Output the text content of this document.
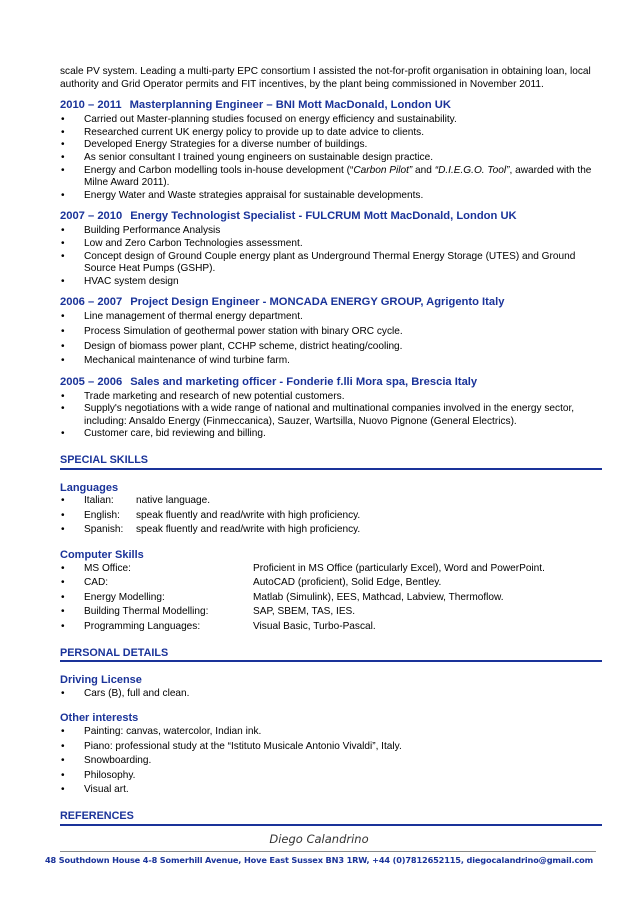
scale PV system. Leading a multi-party EPC consortium I assisted the not-for-profit organisation in obtaining loan, local authority and Grid Operator permits and FIT incentives, by the plant being commissioned in November 2011.

2010 – 2011 Masterplanning Engineer – BNI Mott MacDonald, London UK
• Carried out Master-planning studies focused on energy efficiency and sustainability.
• Researched current UK energy policy to provide up to date advice to clients.
• Developed Energy Strategies for a diverse number of buildings.
• As senior consultant I trained young engineers on sustainable design practice.
• Energy and Carbon modelling tools in-house development (“Carbon Pilot” and “D.I.E.G.O. Tool”, awarded with the Milne Award 2011).
• Energy Water and Waste strategies appraisal for sustainable developments.
2007 – 2010 Energy Technologist Specialist - FULCRUM Mott MacDonald, London UK
• Building Performance Analysis
• Low and Zero Carbon Technologies assessment.
• Concept design of Ground Couple energy plant as Underground Thermal Energy Storage (UTES) and Ground Source Heat Pumps (GSHP).
• HVAC system design
2006 – 2007 Project Design Engineer - MONCADA ENERGY GROUP, Agrigento Italy
• Line management of thermal energy department.
• Process Simulation of geothermal power station with binary ORC cycle.
• Design of biomass power plant, CCHP scheme, district heating/cooling.
• Mechanical maintenance of wind turbine farm.
2005 – 2006 Sales and marketing officer - Fonderie f.lli Mora spa, Brescia Italy
• Trade marketing and research of new potential customers.
• Supply's negotiations with a wide range of national and multinational companies involved in the energy sector, including: Ansaldo Energy (Finmeccanica), Sauzer, Wartsilla, Nuovo Pignone (General Electrics).
• Customer care, bid reviewing and billing.
SPECIAL SKILLS
Languages
• Italian: native language.
• English: speak fluently and read/write with high proficiency.
• Spanish: speak fluently and read/write with high proficiency.
Computer Skills
• MS Office:	Proficient in MS Office (particularly Excel), Word and PowerPoint.
• CAD:	AutoCAD (proficient), Solid Edge, Bentley.
• Energy Modelling:	Matlab (Simulink), EES, Mathcad, Labview, Thermoflow.
• Building Thermal Modelling:	SAP, SBEM, TAS, IES.
• Programming Languages:	Visual Basic, Turbo-Pascal.
PERSONAL DETAILS
Driving License
• Cars (B), full and clean.
Other interests
• Painting: canvas, watercolor, Indian ink.
• Piano: professional study at the “Istituto Musicale Antonio Vivaldi”, Italy.
• Snowboarding.
• Philosophy.
• Visual art.
REFERENCES
Diego Calandrino
48 Southdown House 4-8 Somerhill Avenue, Hove East Sussex BN3 1RW, +44 (0)7812652115, diegocalandrino@gmail.com
